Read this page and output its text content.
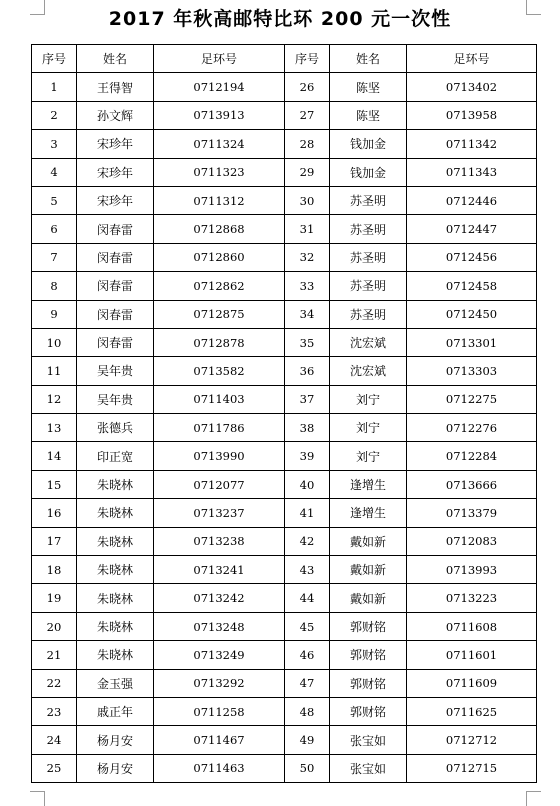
2017 年秋高邮特比环 200 元一次性
序号	姓名	足环号	序号	姓名	足环号
1	王得智	0712194	26	陈坚	0713402
2	孙文辉	0713913	27	陈坚	0713958
3	宋珍年	0711324	28	钱加金	0711342
4	宋珍年	0711323	29	钱加金	0711343
5	宋珍年	0711312	30	苏圣明	0712446
6	闵春雷	0712868	31	苏圣明	0712447
7	闵春雷	0712860	32	苏圣明	0712456
8	闵春雷	0712862	33	苏圣明	0712458
9	闵春雷	0712875	34	苏圣明	0712450
10	闵春雷	0712878	35	沈宏斌	0713301
11	吴年贵	0713582	36	沈宏斌	0713303
12	吴年贵	0711403	37	刘宁	0712275
13	张德兵	0711786	38	刘宁	0712276
14	印正宽	0713990	39	刘宁	0712284
15	朱晓林	0712077	40	逢增生	0713666
16	朱晓林	0713237	41	逢增生	0713379
17	朱晓林	0713238	42	戴如新	0712083
18	朱晓林	0713241	43	戴如新	0713993
19	朱晓林	0713242	44	戴如新	0713223
20	朱晓林	0713248	45	郭财铭	0711608
21	朱晓林	0713249	46	郭财铭	0711601
22	金玉强	0713292	47	郭财铭	0711609
23	戚正年	0711258	48	郭财铭	0711625
24	杨月安	0711467	49	张宝如	0712712
25	杨月安	0711463	50	张宝如	0712715
